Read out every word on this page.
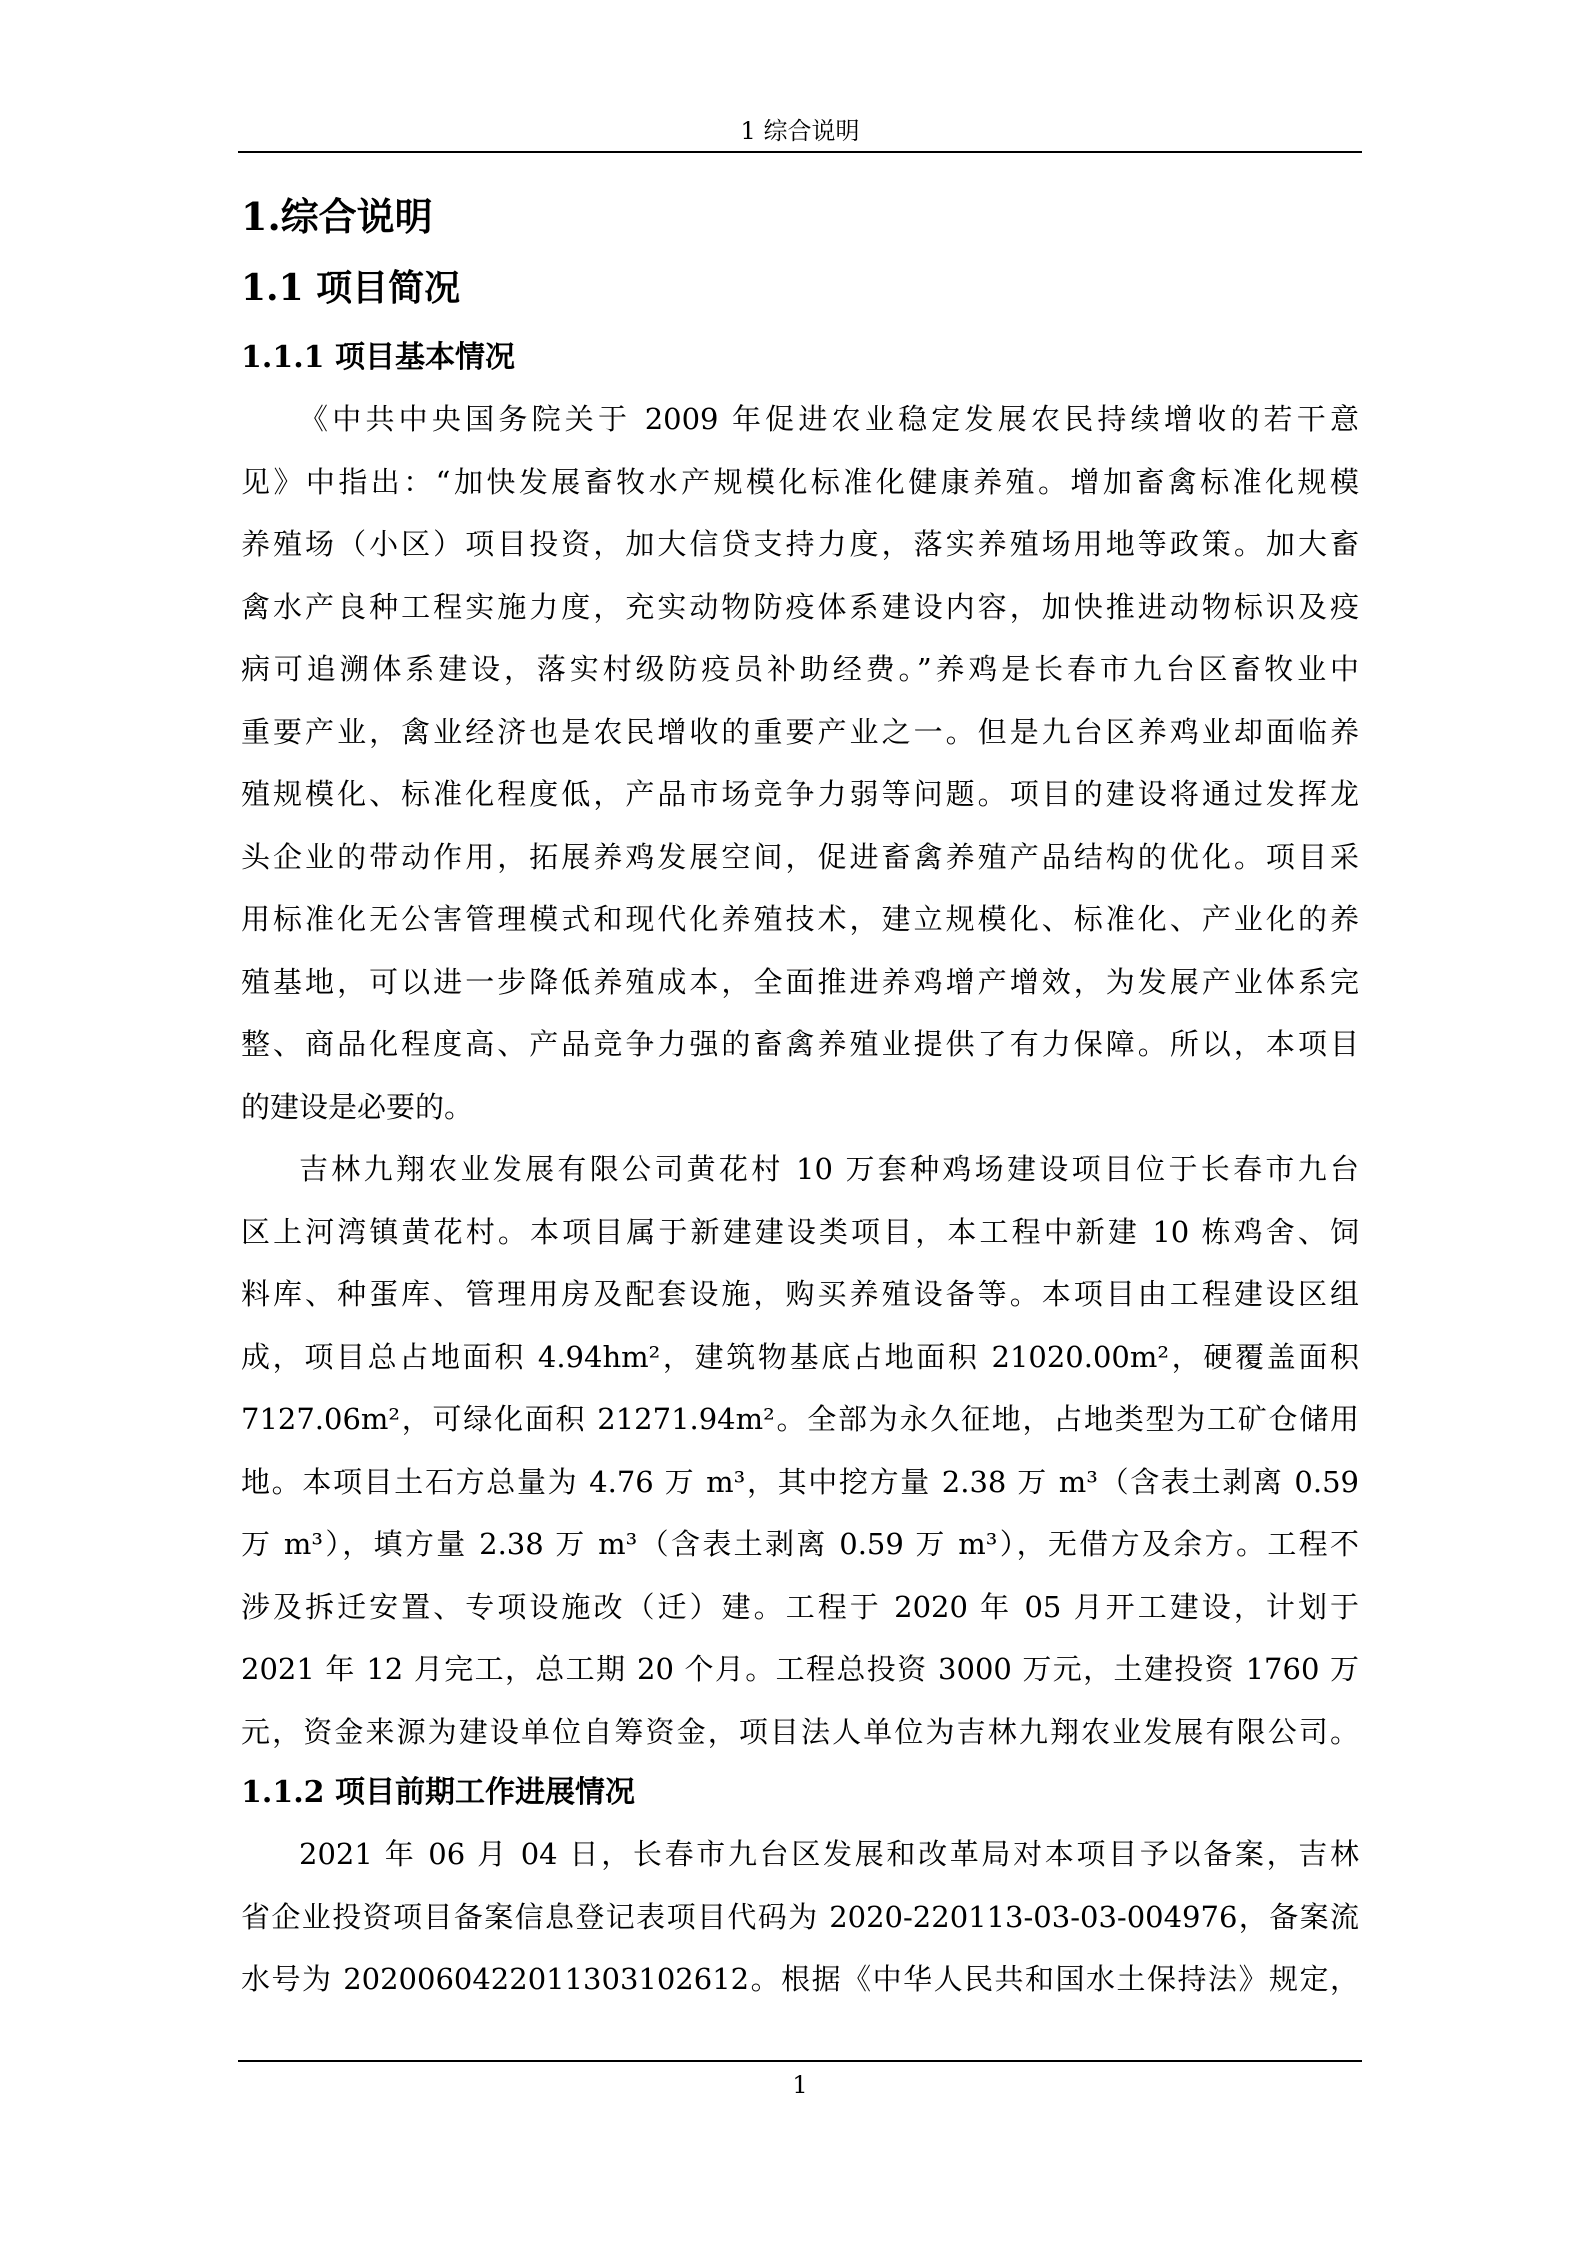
1 综合说明
1.综合说明
1.1 项目简况
1.1.1 项目基本情况
《中共中央国务院关于 2009 年促进农业稳定发展农民持续增收的若干意
见》中指出：“加快发展畜牧水产规模化标准化健康养殖。增加畜禽标准化规模
养殖场（小区）项目投资，加大信贷支持力度，落实养殖场用地等政策。加大畜
禽水产良种工程实施力度，充实动物防疫体系建设内容，加快推进动物标识及疫
病可追溯体系建设，落实村级防疫员补助经费。”养鸡是长春市九台区畜牧业中
重要产业，禽业经济也是农民增收的重要产业之一。但是九台区养鸡业却面临养
殖规模化、标准化程度低，产品市场竞争力弱等问题。项目的建设将通过发挥龙
头企业的带动作用，拓展养鸡发展空间，促进畜禽养殖产品结构的优化。项目采
用标准化无公害管理模式和现代化养殖技术，建立规模化、标准化、产业化的养
殖基地，可以进一步降低养殖成本，全面推进养鸡增产增效，为发展产业体系完
整、商品化程度高、产品竞争力强的畜禽养殖业提供了有力保障。所以，本项目
的建设是必要的。
吉林九翔农业发展有限公司黄花村 10 万套种鸡场建设项目位于长春市九台
区上河湾镇黄花村。本项目属于新建建设类项目，本工程中新建 10 栋鸡舍、饲
料库、种蛋库、管理用房及配套设施，购买养殖设备等。本项目由工程建设区组
成，项目总占地面积 4.94hm²，建筑物基底占地面积 21020.00m²，硬覆盖面积
7127.06m²，可绿化面积 21271.94m²。全部为永久征地，占地类型为工矿仓储用
地。本项目土石方总量为 4.76 万 m³，其中挖方量 2.38 万 m³（含表土剥离 0.59
万 m³），填方量 2.38 万 m³（含表土剥离 0.59 万 m³），无借方及余方。工程不
涉及拆迁安置、专项设施改（迁）建。工程于 2020 年 05 月开工建设，计划于
2021 年 12 月完工，总工期 20 个月。工程总投资 3000 万元，土建投资 1760 万
元，资金来源为建设单位自筹资金，项目法人单位为吉林九翔农业发展有限公司。
1.1.2 项目前期工作进展情况
2021 年 06 月 04 日，长春市九台区发展和改革局对本项目予以备案，吉林
省企业投资项目备案信息登记表项目代码为 2020-220113-03-03-004976，备案流
水号为 2020060422011303102612。根据《中华人民共和国水土保持法》规定，
1
